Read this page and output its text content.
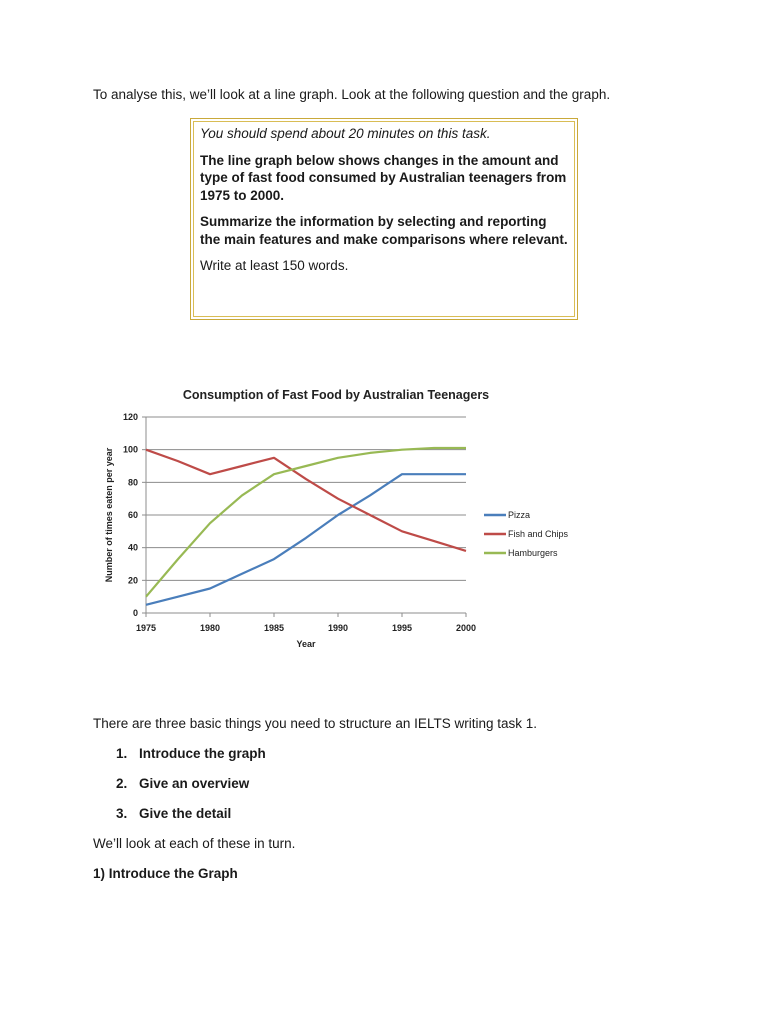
To analyse this, we’ll look at a line graph. Look at the following question and the graph.

You should spend about 20 minutes on this task.

The line graph below shows changes in the amount and type of fast food consumed by Australian teenagers from 1975 to 2000.

Summarize the information by selecting and reporting the main features and make comparisons where relevant.

Write at least 150 words.

Consumption of Fast Food by Australian Teenagers
0
20
40
60
80
100
120
1975	1980	1985	1990	1995	2000
Pizza
Fish and Chips
Hamburgers
Year
Number of times eaten per year
There are three basic things you need to structure an IELTS writing task 1.
1. Introduce the graph
2. Give an overview
3. Give the detail
We’ll look at each of these in turn.
1) Introduce the Graph
